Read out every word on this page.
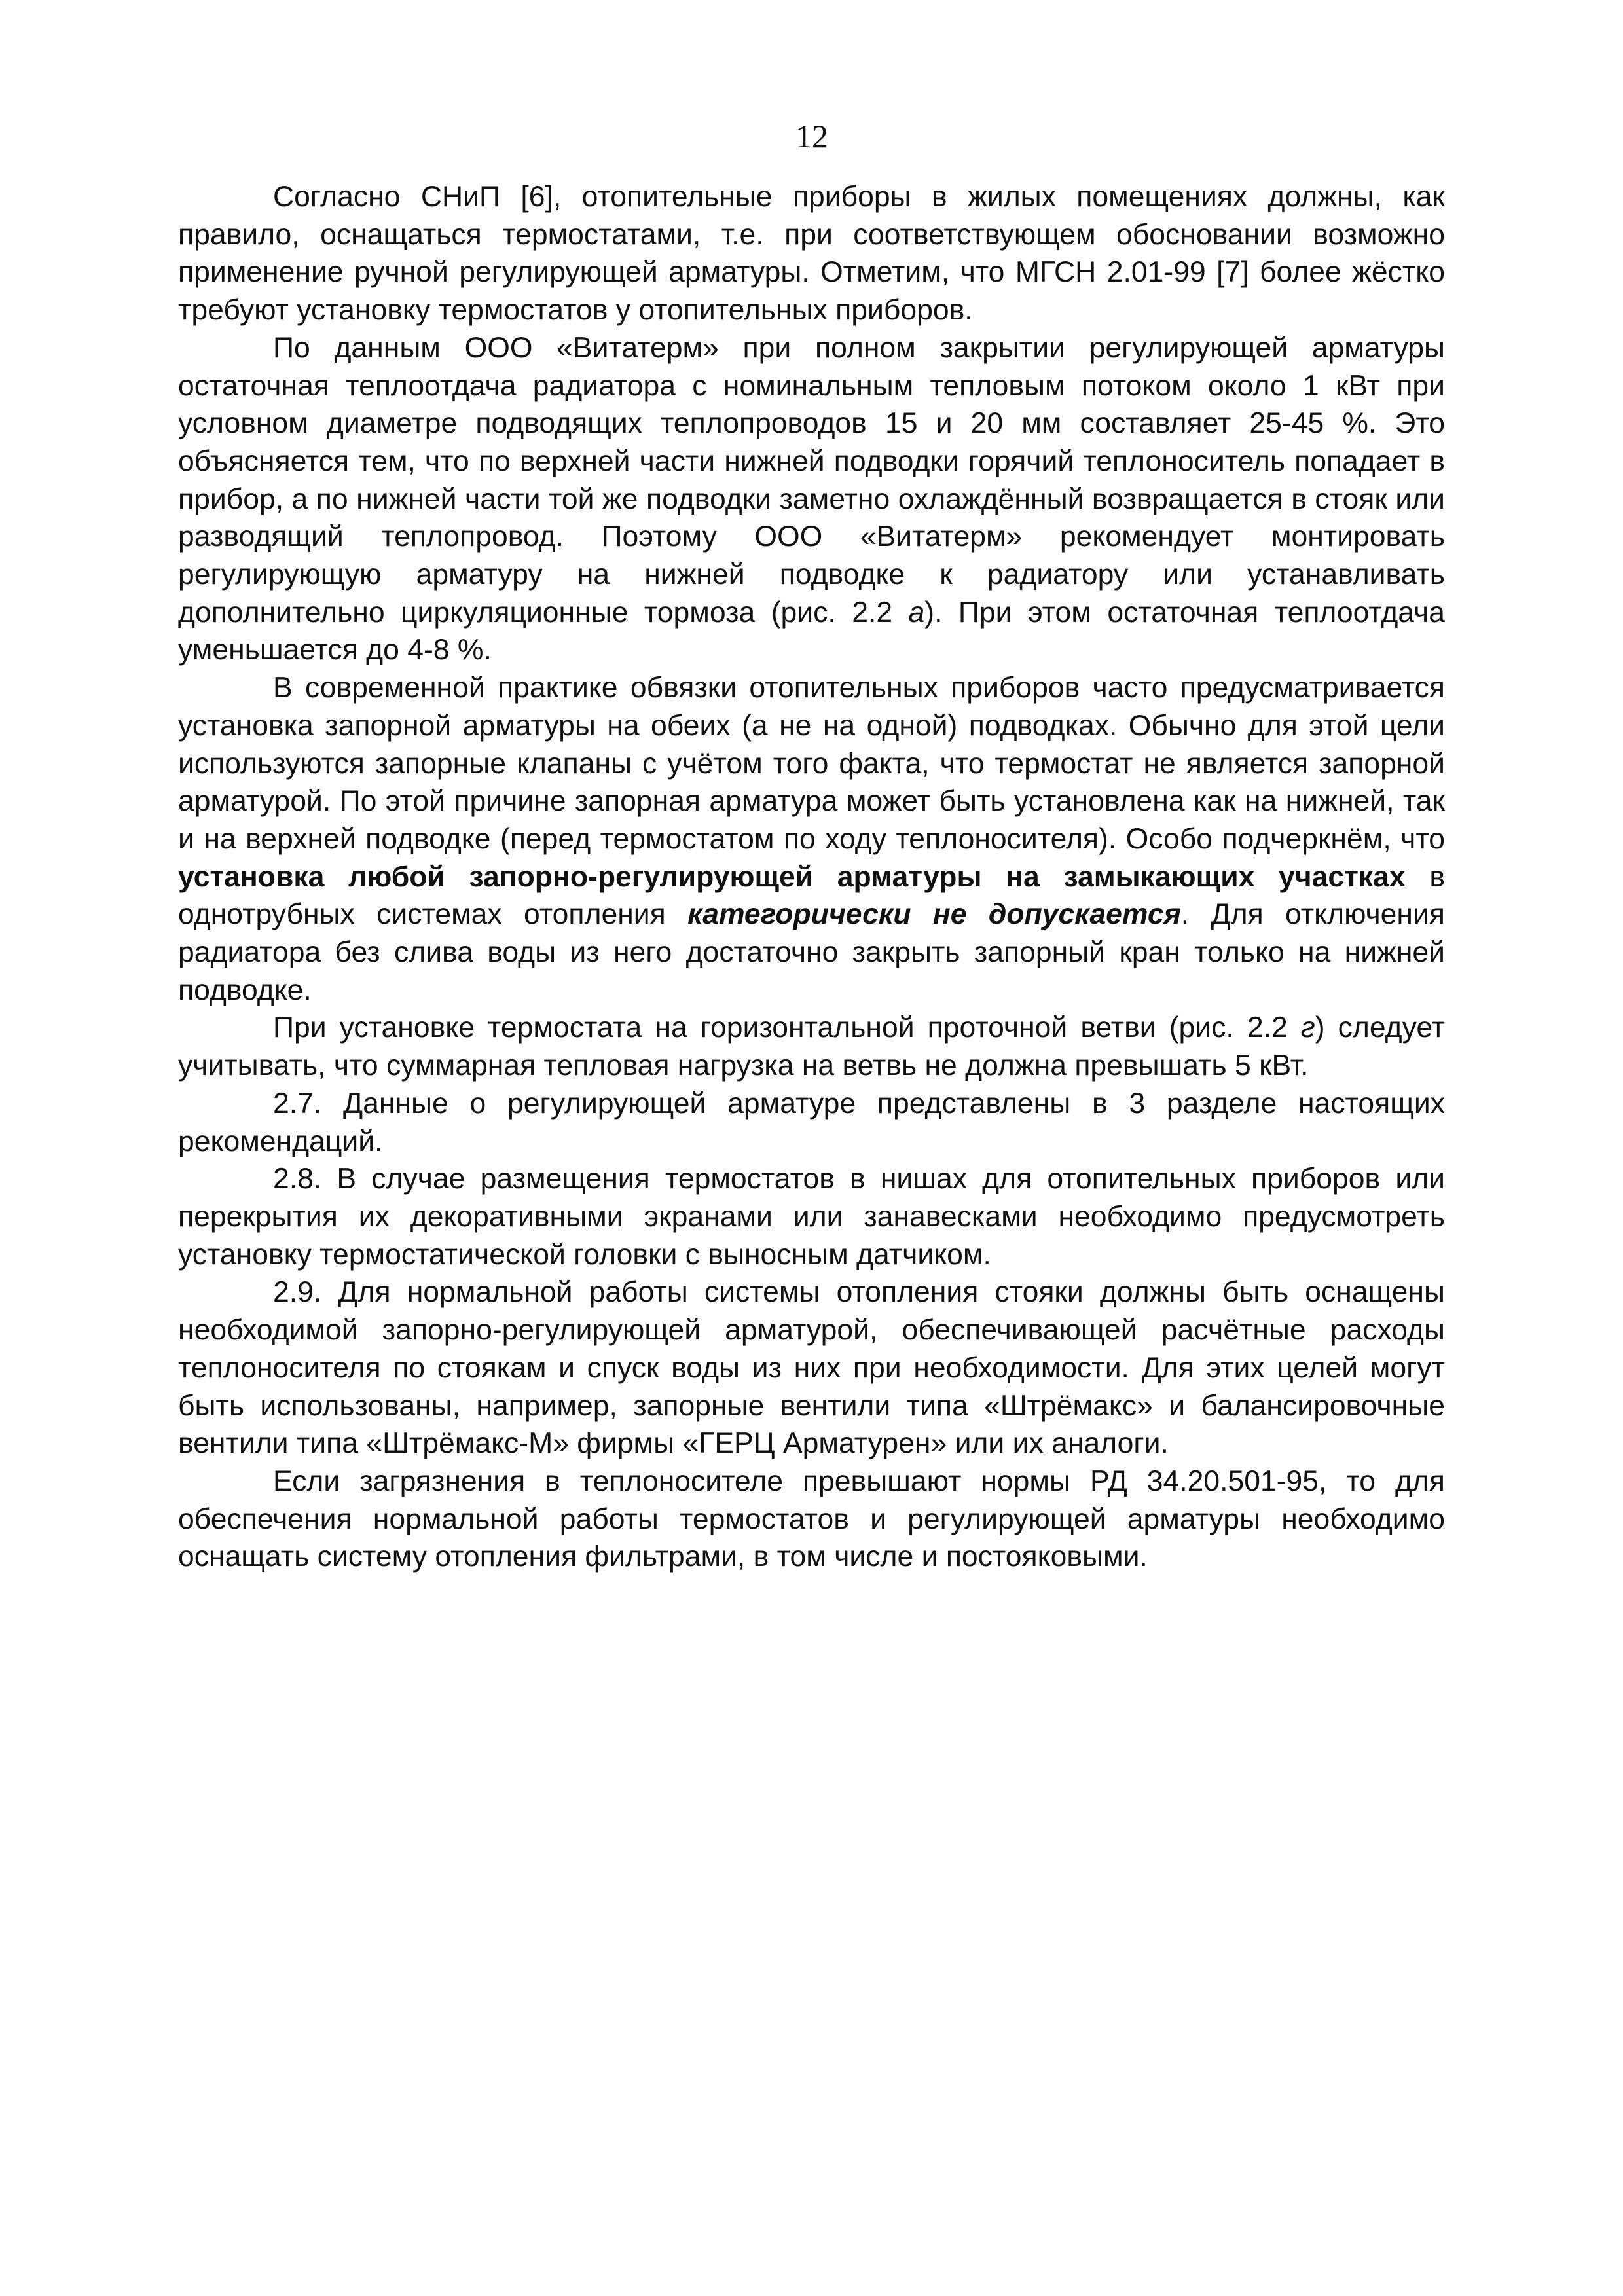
12

Согласно СНиП [6], отопительные приборы в жилых помещениях должны, как правило, оснащаться термостатами, т.е. при соответствующем обосновании возможно применение ручной регулирующей арматуры. Отметим, что МГСН 2.01-99 [7] более жёстко требуют установку термостатов у отопительных приборов.

По данным ООО «Витатерм» при полном закрытии регулирующей арматуры остаточная теплоотдача радиатора с номинальным тепловым потоком около 1 кВт при условном диаметре подводящих теплопроводов 15 и 20 мм составляет 25-45 %. Это объясняется тем, что по верхней части нижней подводки горячий теплоноситель попадает в прибор, а по нижней части той же подводки заметно охлаждённый возвращается в стояк или разводящий теплопровод. Поэтому ООО «Витатерм» рекомендует монтировать регулирующую арматуру на нижней подводке к радиатору или устанавливать дополнительно циркуляционные тормоза (рис. 2.2 а). При этом остаточная теплоотдача уменьшается до 4-8 %.

В современной практике обвязки отопительных приборов часто предусматривается установка запорной арматуры на обеих (а не на одной) подводках. Обычно для этой цели используются запорные клапаны с учётом того факта, что термостат не является запорной арматурой. По этой причине запорная арматура может быть установлена как на нижней, так и на верхней подводке (перед термостатом по ходу теплоносителя). Особо подчеркнём, что установка любой запорно-регулирующей арматуры на замыкающих участках в однотрубных системах отопления категорически не допускается. Для отключения радиатора без слива воды из него достаточно закрыть запорный кран только на нижней подводке.

При установке термостата на горизонтальной проточной ветви (рис. 2.2 г) следует учитывать, что суммарная тепловая нагрузка на ветвь не должна превышать 5 кВт.

2.7. Данные о регулирующей арматуре представлены в 3 разделе настоящих рекомендаций.

2.8. В случае размещения термостатов в нишах для отопительных приборов или перекрытия их декоративными экранами или занавесками необходимо предусмотреть установку термостатической головки с выносным датчиком.

2.9. Для нормальной работы системы отопления стояки должны быть оснащены необходимой запорно-регулирующей арматурой, обеспечивающей расчётные расходы теплоносителя по стоякам и спуск воды из них при необходимости. Для этих целей могут быть использованы, например, запорные вентили типа «Штрёмакс» и балансировочные вентили типа «Штрёмакс-М» фирмы «ГЕРЦ Арматурен» или их аналоги.

Если загрязнения в теплоносителе превышают нормы РД 34.20.501-95, то для обеспечения нормальной работы термостатов и регулирующей арматуры необходимо оснащать систему отопления фильтрами, в том числе и постояковыми.
